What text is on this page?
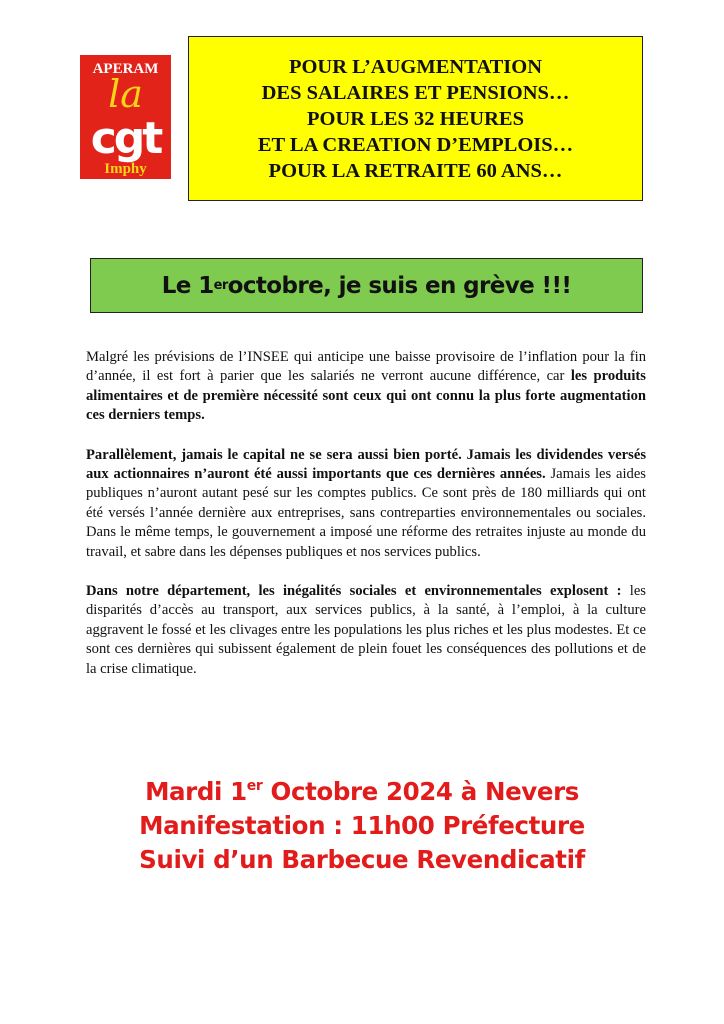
APERAM
la
cgt
Imphy
POUR L’AUGMENTATION
DES SALAIRES ET PENSIONS…
POUR LES 32 HEURES
ET LA CREATION D’EMPLOIS…
POUR LA RETRAITE 60 ANS…
Le 1 er octobre, je suis en grève !!!

Malgré les prévisions de l’INSEE qui anticipe une baisse provisoire de l’inflation pour la fin d’année, il est fort à parier que les salariés ne verront aucune différence, car les produits alimentaires et de première nécessité sont ceux qui ont connu la plus forte augmentation ces derniers temps.

Parallèlement, jamais le capital ne se sera aussi bien porté. Jamais les dividendes versés aux actionnaires n’auront été aussi importants que ces dernières années. Jamais les aides publiques n’auront autant pesé sur les comptes publics. Ce sont près de 180 milliards qui ont été versés l’année dernière aux entreprises, sans contreparties environnementales ou sociales. Dans le même temps, le gouvernement a imposé une réforme des retraites injuste au monde du travail, et sabre dans les dépenses publiques et nos services publics.

Dans notre département, les inégalités sociales et environnementales explosent : les disparités d’accès au transport, aux services publics, à la santé, à l’emploi, à la culture aggravent le fossé et les clivages entre les populations les plus riches et les plus modestes. Et ce sont ces dernières qui subissent également de plein fouet les conséquences des pollutions et de la crise climatique.

Mardi 1er Octobre 2024 à Nevers
Manifestation : 11h00 Préfecture
Suivi d’un Barbecue Revendicatif
